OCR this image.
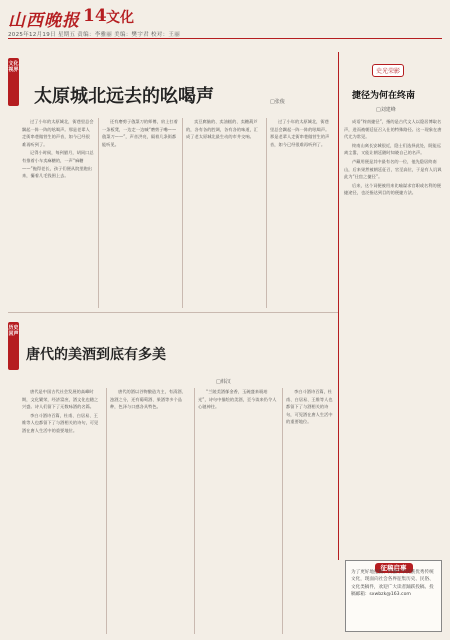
山西晚报 14 文化
2025年12月19日 星期五 责编：李雅丽 美编：樊宇君 校对：王丽
文化视界
太原城北远去的吆喝声	□张俊

过了小年的太原城北，街巷里总会飘起一阵一阵的吆喝声。那是老辈人走街串巷做营生的声音，如今已经很难再听到了。

记得小时候，每到腊月，胡同口总有推着小车卖麻糖的，一声“麻糖——”拖得老长，孩子们便从院里跑出来，攥着几毛钱围上去。

还有磨剪子戗菜刀的师傅，肩上扛着一条板凳，一边走一边喊“磨剪子嘞——戗菜刀——”，声音洪亮，隔着几条街都能听见。

卖豆腐脑的、卖油糕的、卖糖葫芦的，各有各的腔调，各有各的味道，汇成了老太原城北最生动的市井交响。

过了小年的太原城北，街巷里总会飘起一阵一阵的吆喝声。那是老辈人走街串巷做营生的声音，如今已经很难再听到了。

史光荣影
捷径为何在终南
□刘建峰

成语“终南捷径”，指的是古代文人以隐居博取名声，进而被朝廷征召入仕的特殊路径。这一现象在唐代尤为常见。

终南山离长安城很近，隐士们选择此处，既能远离尘嚣，又能让朝廷随时知晓自己的名声。

卢藏用便是其中最有名的一位，他先隐居终南山，后来果然被朝廷征召，官至高位，于是有人讥讽此为“仕宦之捷径”。

后来，这个词便被用来比喻谋求官职或名利的便捷途径，也泛指达到目的的便捷方法。

历史回声
唐代的美酒到底有多美
□韩汉

唐代是中国古代社会发展的高峰时期，文化繁荣，经济富庶，酒文化也随之兴盛。诗人们留下了无数咏酒的名篇。

李白斗酒诗百篇，杜甫、白居易、王维等人也都留下了与酒相关的诗句，可见酒在唐人生活中的重要地位。

唐代的酒以谷物酿造为主，有清酒、浊酒之分，还有葡萄酒、果酒等多个品种，色泽与口感各具特色。

“兰陵美酒郁金香，玉碗盛来琥珀光”，诗句中描绘的美酒，至今读来仍令人心驰神往。

李白斗酒诗百篇，杜甫、白居易、王维等人也都留下了与酒相关的诗句，可见酒在唐人生活中的重要地位。

征稿启事
为了更好地挖掘、传播中华民族优秀传统文化，现面向社会各界征集历史、民俗、文化类稿件，欢迎广大读者踊跃投稿。投稿邮箱：sxwbzk@163.com
